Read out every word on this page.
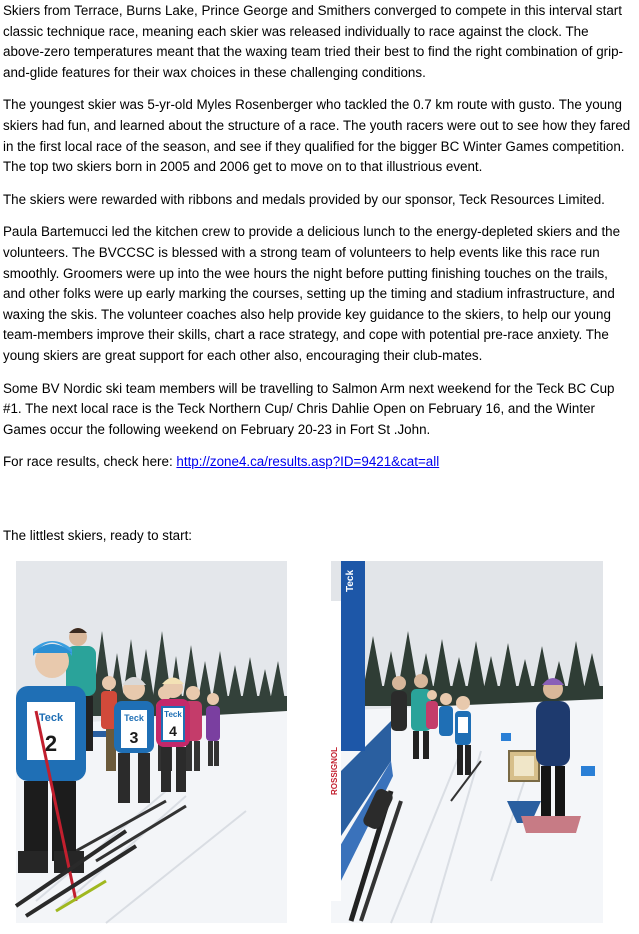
Skiers from Terrace, Burns Lake, Prince George and Smithers converged to compete in this interval start classic technique race, meaning each skier was released individually to race against the clock. The above-zero temperatures meant that the waxing team tried their best to find the right combination of grip-and-glide features for their wax choices in these challenging conditions.

The youngest skier was 5-yr-old Myles Rosenberger who tackled the 0.7 km route with gusto. The young skiers had fun, and learned about the structure of a race. The youth racers were out to see how they fared in the first local race of the season, and see if they qualified for the bigger BC Winter Games competition. The top two skiers born in 2005 and 2006 get to move on to that illustrious event.

The skiers were rewarded with ribbons and medals provided by our sponsor, Teck Resources Limited.

Paula Bartemucci led the kitchen crew to provide a delicious lunch to the energy-depleted skiers and the volunteers. The BVCCSC is blessed with a strong team of volunteers to help events like this race run smoothly. Groomers were up into the wee hours the night before putting finishing touches on the trails, and other folks were up early marking the courses, setting up the timing and stadium infrastructure, and waxing the skis. The volunteer coaches also help provide key guidance to the skiers, to help our young team-members improve their skills, chart a race strategy, and cope with potential pre-race anxiety. The young skiers are great support for each other also, encouraging their club-mates.

Some BV Nordic ski team members will be travelling to Salmon Arm next weekend for the Teck BC Cup #1. The next local race is the Teck Northern Cup/ Chris Dahlie Open on February 16, and the Winter Games occur the following weekend on February 20-23 in Fort St .John.

For race results, check here: http://zone4.ca/results.asp?ID=9421&cat=all

The littlest skiers, ready to start:

Teck
2
Teck
3
Teck
4
Teck
ROSSIGNOL
